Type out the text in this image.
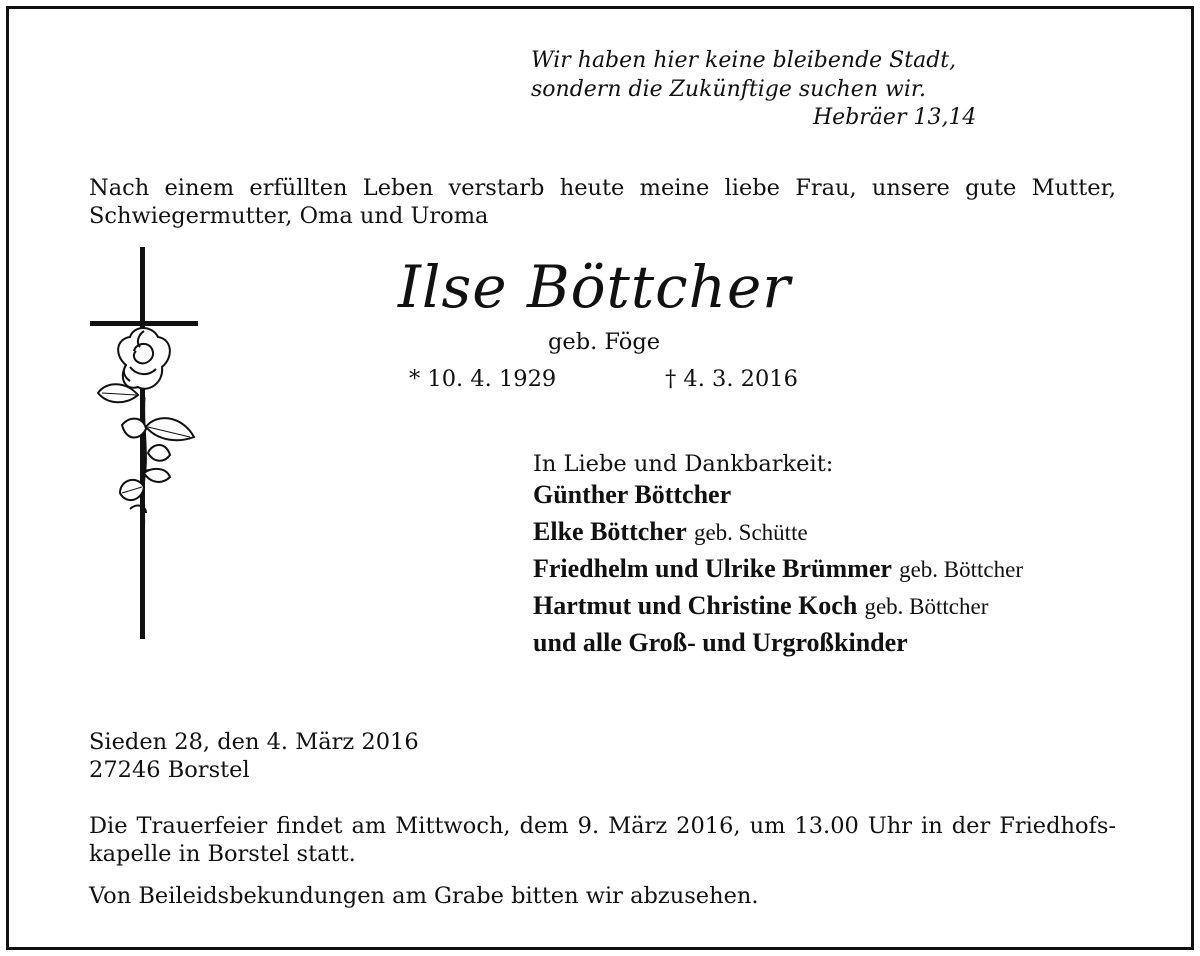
Wir haben hier keine bleibende Stadt,
sondern die Zukünftige suchen wir.
Hebräer 13,14
Nach einem erfüllten Leben verstarb heute meine liebe Frau, unsere gute Mutter,
Schwiegermutter, Oma und Uroma
Ilse Böttcher
geb. Föge
* 10. 4. 1929	† 4. 3. 2016
In Liebe und Dankbarkeit:
Günther Böttcher
Elke Böttcher geb. Schütte
Friedhelm und Ulrike Brümmer geb. Böttcher
Hartmut und Christine Koch geb. Böttcher
und alle Groß- und Urgroßkinder
Sieden 28, den 4. März 2016
27246 Borstel
Die Trauerfeier findet am Mittwoch, dem 9. März 2016, um 13.00 Uhr in der Friedhofs-
kapelle in Borstel statt.
Von Beileidsbekundungen am Grabe bitten wir abzusehen.
